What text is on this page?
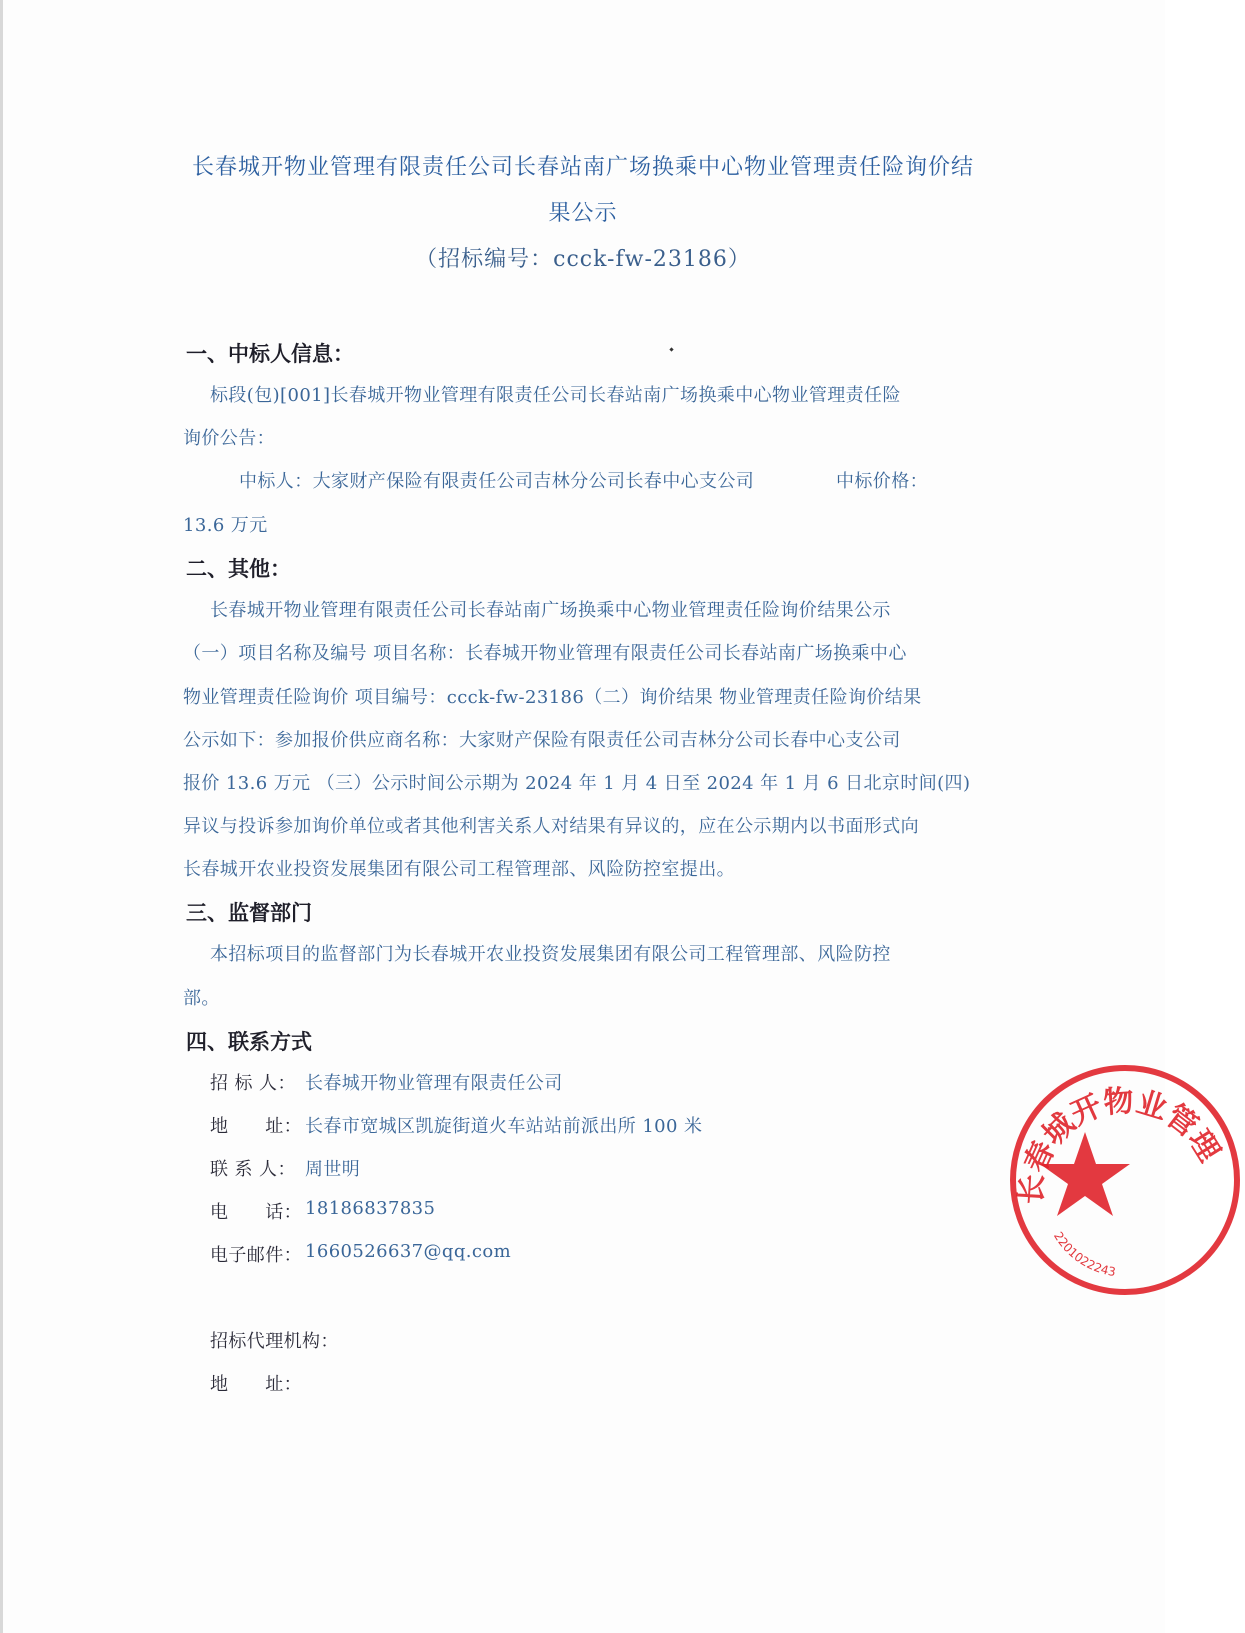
长春城开物业管理有限责任公司长春站南广场换乘中心物业管理责任险询价结
果公示
（招标编号：ccck-fw-23186）
一、中标人信息：
标段(包)[001]长春城开物业管理有限责任公司长春站南广场换乘中心物业管理责任险
询价公告：
中标人：大家财产保险有限责任公司吉林分公司长春中心支公司	中标价格：
13.6 万元
二、其他：
长春城开物业管理有限责任公司长春站南广场换乘中心物业管理责任险询价结果公示
（一）项目名称及编号 项目名称：长春城开物业管理有限责任公司长春站南广场换乘中心
物业管理责任险询价 项目编号：ccck-fw-23186（二）询价结果 物业管理责任险询价结果
公示如下：参加报价供应商名称：大家财产保险有限责任公司吉林分公司长春中心支公司
报价 13.6 万元 （三）公示时间公示期为 2024 年 1 月 4 日至 2024 年 1 月 6 日北京时间(四)
异议与投诉参加询价单位或者其他利害关系人对结果有异议的，应在公示期内以书面形式向
长春城开农业投资发展集团有限公司工程管理部、风险防控室提出。
三、监督部门
本招标项目的监督部门为长春城开农业投资发展集团有限公司工程管理部、风险防控
部。
四、联系方式
招 标 人： 长春城开物业管理有限责任公司
地　　址： 长春市宽城区凯旋街道火车站站前派出所 100 米
联 系 人： 周世明
电　　话： 18186837835
电子邮件： 1660526637@qq.com
招标代理机构：
地　　址：
长春城开物业管理
2201022243
